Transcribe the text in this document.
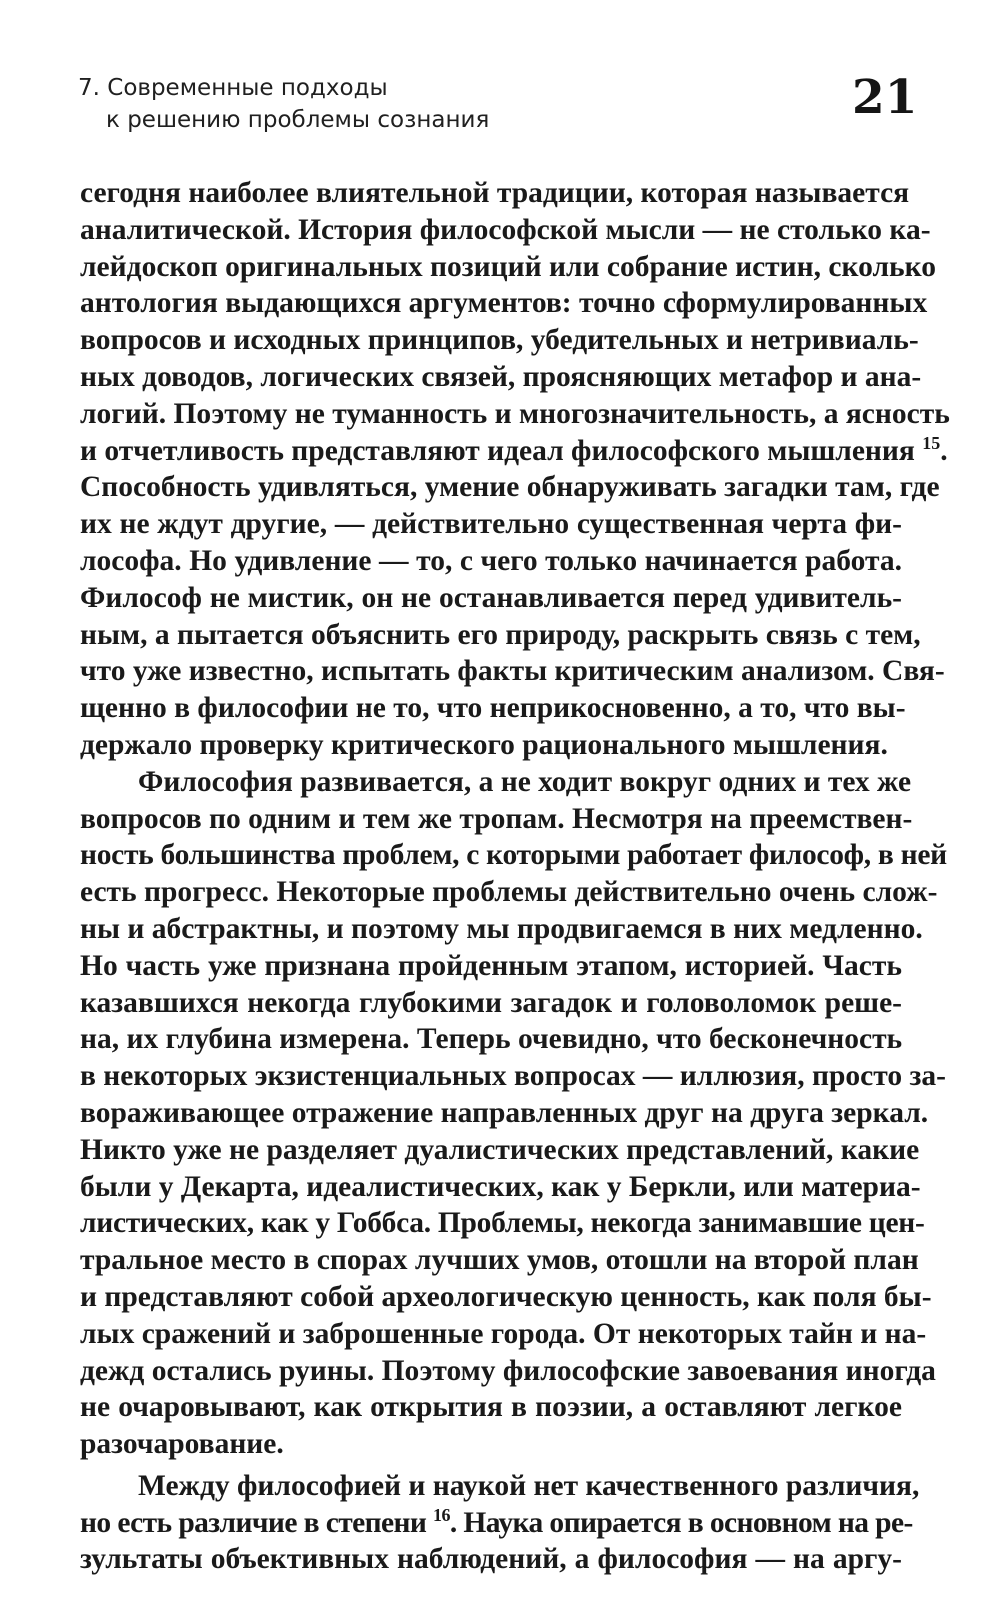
7. Современные подходы
к решению проблемы сознания	21
сегодня наиболее влиятельной традиции, которая называется
аналитической. История философской мысли — не столько ка-
лейдоскоп оригинальных позиций или собрание истин, сколько
антология выдающихся аргументов: точно сформулированных
вопросов и исходных принципов, убедительных и нетривиаль-
ных доводов, логических связей, проясняющих метафор и ана-
логий. Поэтому не туманность и многозначительность, а ясность
и отчетливость представляют идеал философского мышления $^{15}$.
Способность удивляться, умение обнаруживать загадки там, где
их не ждут другие, — действительно существенная черта фи-
лософа. Но удивление — то, с чего только начинается работа.
Философ не мистик, он не останавливается перед удивитель-
ным, а пытается объяснить его природу, раскрыть связь с тем,
что уже известно, испытать факты критическим анализом. Свя-
щенно в философии не то, что неприкосновенно, а то, что вы-
держало проверку критического рационального мышления.
Философия развивается, а не ходит вокруг одних и тех же
вопросов по одним и тем же тропам. Несмотря на преемствен-
ность большинства проблем, с которыми работает философ, в ней
есть прогресс. Некоторые проблемы действительно очень слож-
ны и абстрактны, и поэтому мы продвигаемся в них медленно.
Но часть уже признана пройденным этапом, историей. Часть
казавшихся некогда глубокими загадок и головоломок реше-
на, их глубина измерена. Теперь очевидно, что бесконечность
в некоторых экзистенциальных вопросах — иллюзия, просто за-
вораживающее отражение направленных друг на друга зеркал.
Никто уже не разделяет дуалистических представлений, какие
были у Декарта, идеалистических, как у Беркли, или материа-
листических, как у Гоббса. Проблемы, некогда занимавшие цен-
тральное место в спорах лучших умов, отошли на второй план
и представляют собой археологическую ценность, как поля бы-
лых сражений и заброшенные города. От некоторых тайн и на-
дежд остались руины. Поэтому философские завоевания иногда
не очаровывают, как открытия в поэзии, а оставляют легкое
разочарование.
Между философией и наукой нет качественного различия,
но есть различие в степени $^{16}$. Наука опирается в основном на ре-
зультаты объективных наблюдений, а философия — на аргу-
